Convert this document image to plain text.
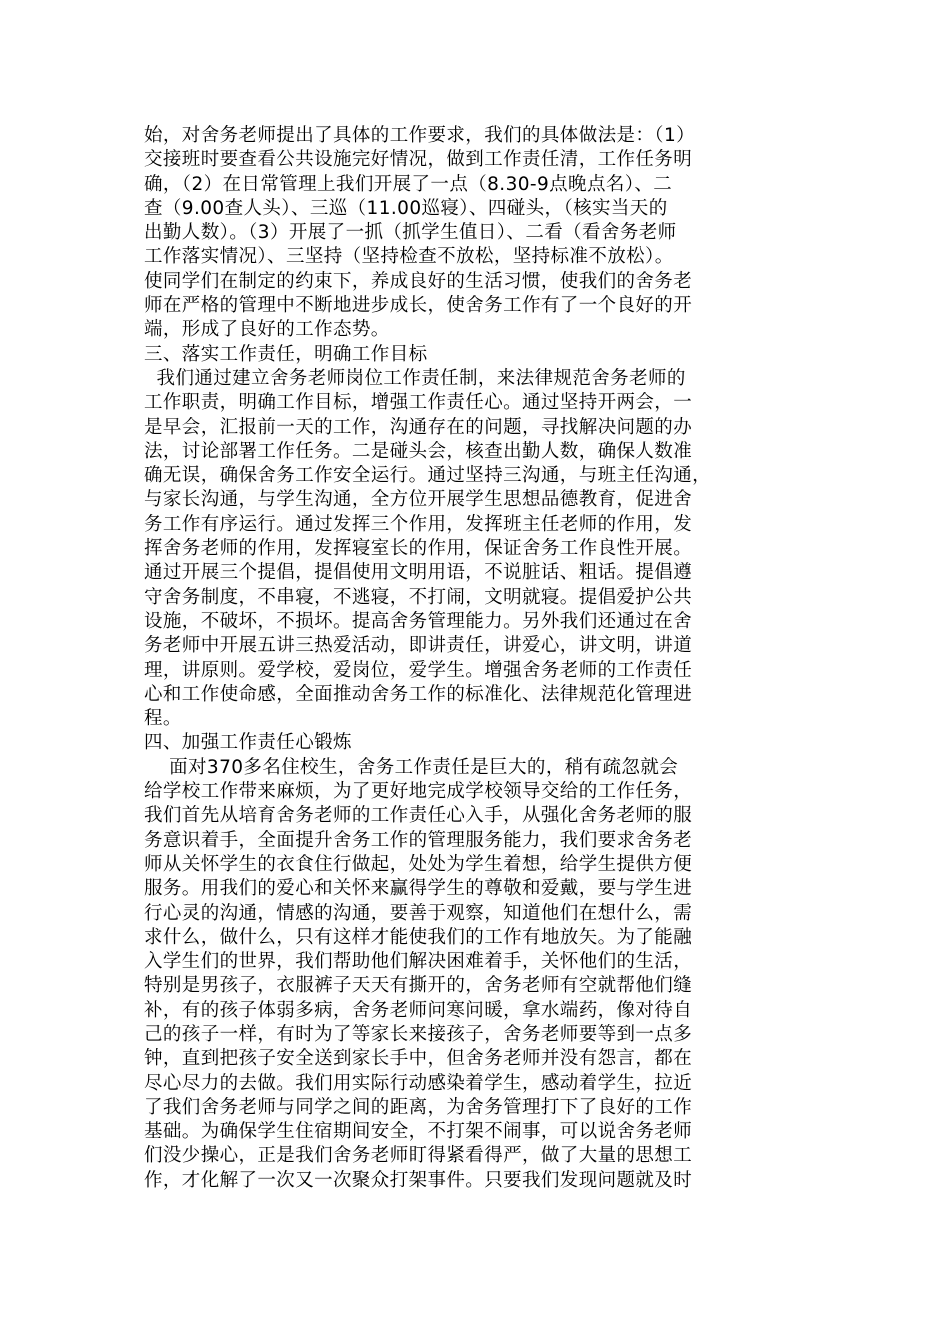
始，对舍务老师提出了具体的工作要求，我们的具体做法是：（1）
交接班时要查看公共设施完好情况，做到工作责任清，工作任务明
确，（2）在日常管理上我们开展了一点（8.30-9点晚点名）、二
查（9.00查人头）、三巡（11.00巡寝）、四碰头，（核实当天的
出勤人数）。（3）开展了一抓（抓学生值日）、二看（看舍务老师
工作落实情况）、三坚持（坚持检查不放松，坚持标准不放松）。
使同学们在制定的约束下，养成良好的生活习惯，使我们的舍务老
师在严格的管理中不断地进步成长，使舍务工作有了一个良好的开
端，形成了良好的工作态势。
三、落实工作责任，明确工作目标
我们通过建立舍务老师岗位工作责任制，来法律规范舍务老师的
工作职责，明确工作目标，增强工作责任心。通过坚持开两会，一
是早会，汇报前一天的工作，沟通存在的问题，寻找解决问题的办
法，讨论部署工作任务。二是碰头会，核查出勤人数，确保人数准
确无误，确保舍务工作安全运行。通过坚持三沟通，与班主任沟通，
与家长沟通，与学生沟通，全方位开展学生思想品德教育，促进舍
务工作有序运行。通过发挥三个作用，发挥班主任老师的作用，发
挥舍务老师的作用，发挥寝室长的作用，保证舍务工作良性开展。
通过开展三个提倡，提倡使用文明用语，不说脏话、粗话。提倡遵
守舍务制度，不串寝，不逃寝，不打闹，文明就寝。提倡爱护公共
设施，不破坏，不损坏。提高舍务管理能力。另外我们还通过在舍
务老师中开展五讲三热爱活动，即讲责任，讲爱心，讲文明，讲道
理，讲原则。爱学校，爱岗位，爱学生。增强舍务老师的工作责任
心和工作使命感，全面推动舍务工作的标准化、法律规范化管理进
程。
四、加强工作责任心锻炼
面对370多名住校生，舍务工作责任是巨大的，稍有疏忽就会
给学校工作带来麻烦，为了更好地完成学校领导交给的工作任务，
我们首先从培育舍务老师的工作责任心入手，从强化舍务老师的服
务意识着手，全面提升舍务工作的管理服务能力，我们要求舍务老
师从关怀学生的衣食住行做起，处处为学生着想，给学生提供方便
服务。用我们的爱心和关怀来赢得学生的尊敬和爱戴，要与学生进
行心灵的沟通，情感的沟通，要善于观察，知道他们在想什么，需
求什么，做什么，只有这样才能使我们的工作有地放矢。为了能融
入学生们的世界，我们帮助他们解决困难着手，关怀他们的生活，
特别是男孩子，衣服裤子天天有撕开的，舍务老师有空就帮他们缝
补，有的孩子体弱多病，舍务老师问寒问暖，拿水端药，像对待自
己的孩子一样，有时为了等家长来接孩子，舍务老师要等到一点多
钟，直到把孩子安全送到家长手中，但舍务老师并没有怨言，都在
尽心尽力的去做。我们用实际行动感染着学生，感动着学生，拉近
了我们舍务老师与同学之间的距离，为舍务管理打下了良好的工作
基础。为确保学生住宿期间安全，不打架不闹事，可以说舍务老师
们没少操心，正是我们舍务老师盯得紧看得严，做了大量的思想工
作，才化解了一次又一次聚众打架事件。只要我们发现问题就及时
